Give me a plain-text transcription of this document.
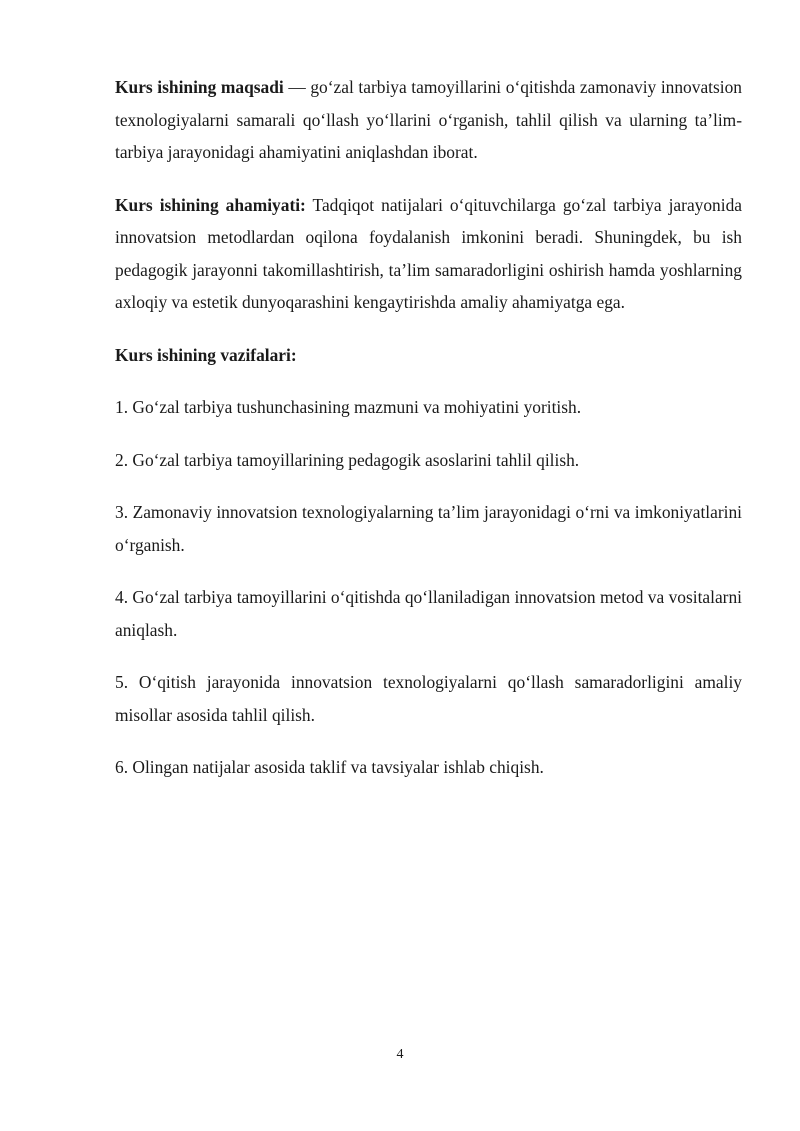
Kurs ishining maqsadi — go‘zal tarbiya tamoyillarini o‘qitishda zamonaviy innovatsion texnologiyalarni samarali qo‘llash yo‘llarini o‘rganish, tahlil qilish va ularning ta’lim-tarbiya jarayonidagi ahamiyatini aniqlashdan iborat.

Kurs ishining ahamiyati: Tadqiqot natijalari o‘qituvchilarga go‘zal tarbiya jarayonida innovatsion metodlardan oqilona foydalanish imkonini beradi. Shuningdek, bu ish pedagogik jarayonni takomillashtirish, ta’lim samaradorligini oshirish hamda yoshlarning axloqiy va estetik dunyoqarashini kengaytirishda amaliy ahamiyatga ega.

Kurs ishining vazifalari:

1. Go‘zal tarbiya tushunchasining mazmuni va mohiyatini yoritish.

2. Go‘zal tarbiya tamoyillarining pedagogik asoslarini tahlil qilish.

3. Zamonaviy innovatsion texnologiyalarning ta’lim jarayonidagi o‘rni va imkoniyatlarini o‘rganish.

4. Go‘zal tarbiya tamoyillarini o‘qitishda qo‘llaniladigan innovatsion metod va vositalarni aniqlash.

5. O‘qitish jarayonida innovatsion texnologiyalarni qo‘llash samaradorligini amaliy misollar asosida tahlil qilish.

6. Olingan natijalar asosida taklif va tavsiyalar ishlab chiqish.

4
